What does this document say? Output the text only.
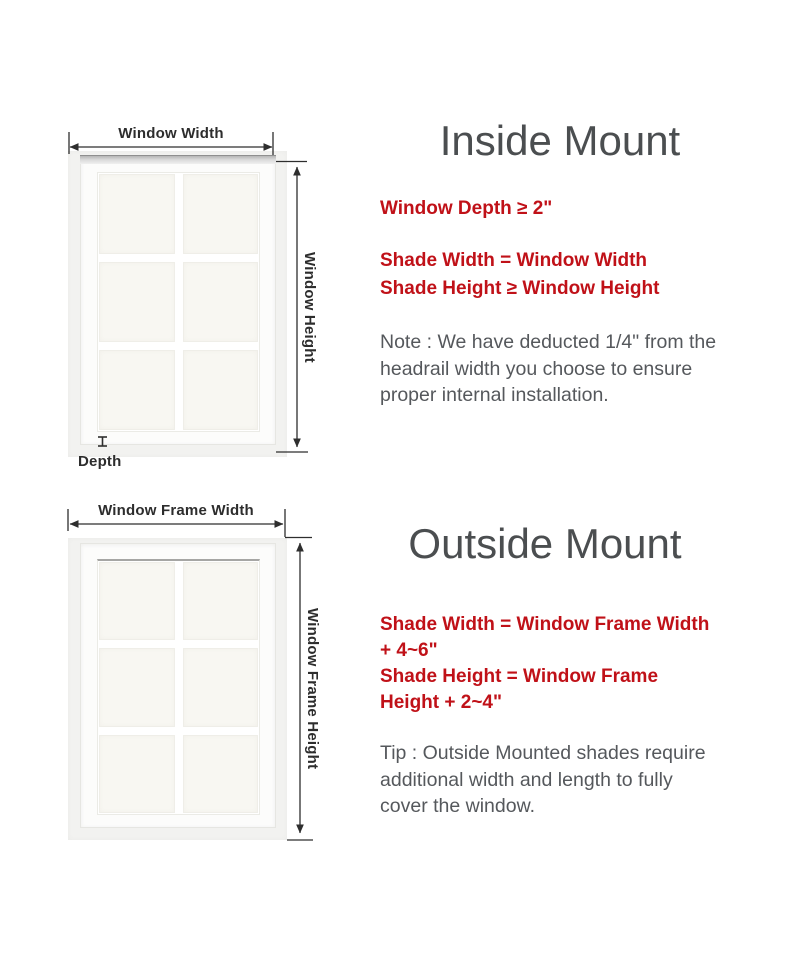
Window Width
Window Height
Depth
Window Frame Width
Window Frame Height
Inside Mount
Window Depth ≥ 2"
Shade Width = Window Width
Shade Height ≥ Window Height
Note : We have deducted 1/4" from the
headrail width you choose to ensure
proper internal installation.
Outside Mount
Shade Width = Window Frame Width
+ 4~6"
Shade Height = Window Frame
Height + 2~4"
Tip : Outside Mounted shades require
additional width and length to fully
cover the window.
